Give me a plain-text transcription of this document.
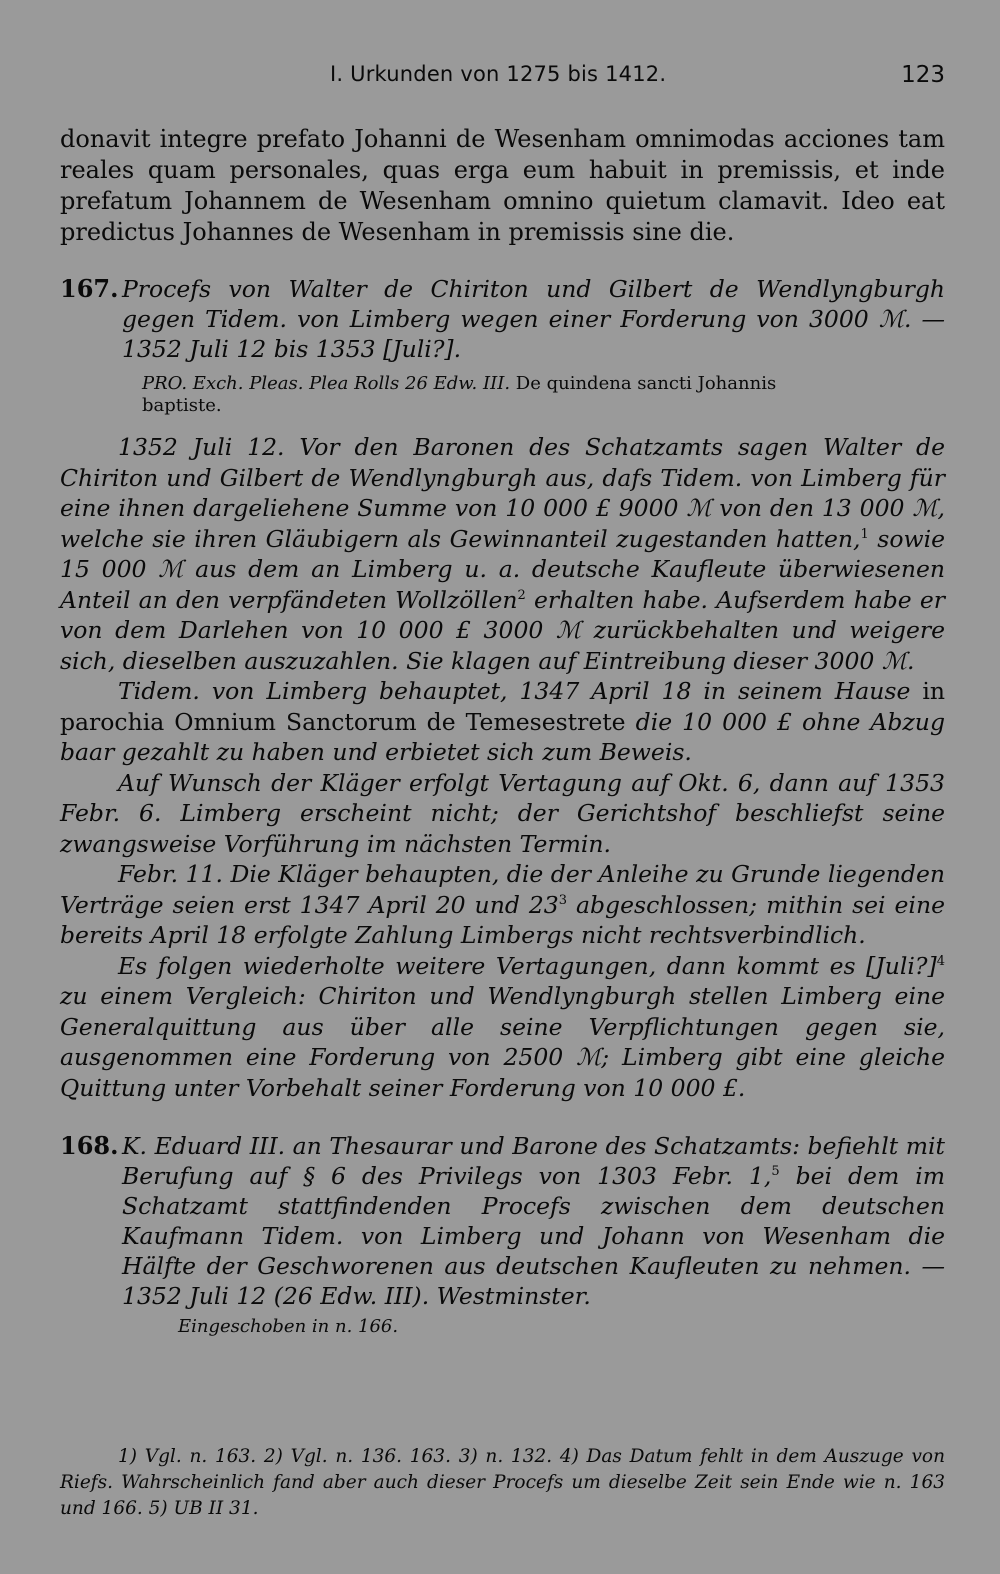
I. Urkunden von 1275 bis 1412.	123

donavit integre prefato Johanni de Wesenham omnimodas acciones tam reales quam personales, quas erga eum habuit in premissis, et inde prefatum Johannem de Wesenham omnino quietum clamavit. Ideo eat predictus Johannes de Wesenham in premissis sine die.

167. Procefs von Walter de Chiriton und Gilbert de Wendlyngburgh gegen Tidem. von Limberg wegen einer Forderung von 3000 ℳ. — 1352 Juli 12 bis 1353 [Juli?].

PRO. Exch. Pleas. Plea Rolls 26 Edw. III. De quindena sancti Johannis

baptiste.

1352 Juli 12. Vor den Baronen des Schatzamts sagen Walter de Chiriton und Gilbert de Wendlyngburgh aus, dafs Tidem. von Limberg für eine ihnen dargeliehene Summe von 10 000 £ 9000 ℳ von den 13 000 ℳ, welche sie ihren Gläubigern als Gewinnanteil zugestanden hatten,$^1$ sowie 15 000 ℳ aus dem an Limberg u. a. deutsche Kaufleute überwiesenen Anteil an den verpfändeten Wollzöllen$^2$ erhalten habe. Aufserdem habe er von dem Darlehen von 10 000 £ 3000 ℳ zurückbehalten und weigere sich, dieselben auszuzahlen. Sie klagen auf Eintreibung dieser 3000 ℳ.

Tidem. von Limberg behauptet, 1347 April 18 in seinem Hause in parochia Omnium Sanctorum de Temesestrete die 10 000 £ ohne Abzug baar gezahlt zu haben und erbietet sich zum Beweis.

Auf Wunsch der Kläger erfolgt Vertagung auf Okt. 6, dann auf 1353 Febr. 6. Limberg erscheint nicht; der Gerichtshof beschliefst seine zwangsweise Vorführung im nächsten Termin.

Febr. 11. Die Kläger behaupten, die der Anleihe zu Grunde liegenden Verträge seien erst 1347 April 20 und $23^3$ abgeschlossen; mithin sei eine bereits April 18 erfolgte Zahlung Limbergs nicht rechtsverbindlich.

Es folgen wiederholte weitere Vertagungen, dann kommt es [Juli?]$^4$ zu einem Vergleich: Chiriton und Wendlyngburgh stellen Limberg eine Generalquittung aus über alle seine Verpflichtungen gegen sie, ausgenommen eine Forderung von 2500 ℳ; Limberg gibt eine gleiche Quittung unter Vorbehalt seiner Forderung von 10 000 £.

168. K. Eduard III. an Thesaurar und Barone des Schatzamts: befiehlt mit Berufung auf § 6 des Privilegs von 1303 Febr. 1,$^5$ bei dem im Schatzamt stattfindenden Procefs zwischen dem deutschen Kaufmann Tidem. von Limberg und Johann von Wesenham die Hälfte der Geschworenen aus deutschen Kaufleuten zu nehmen. — 1352 Juli 12 (26 Edw. III). Westminster.

Eingeschoben in n. 166.

1) Vgl. n. 163. 2) Vgl. n. 136. 163. 3) n. 132. 4) Das Datum fehlt in dem Auszuge von Riefs. Wahrscheinlich fand aber auch dieser Procefs um dieselbe Zeit sein Ende wie n. 163 und 166. 5) UB II 31.
